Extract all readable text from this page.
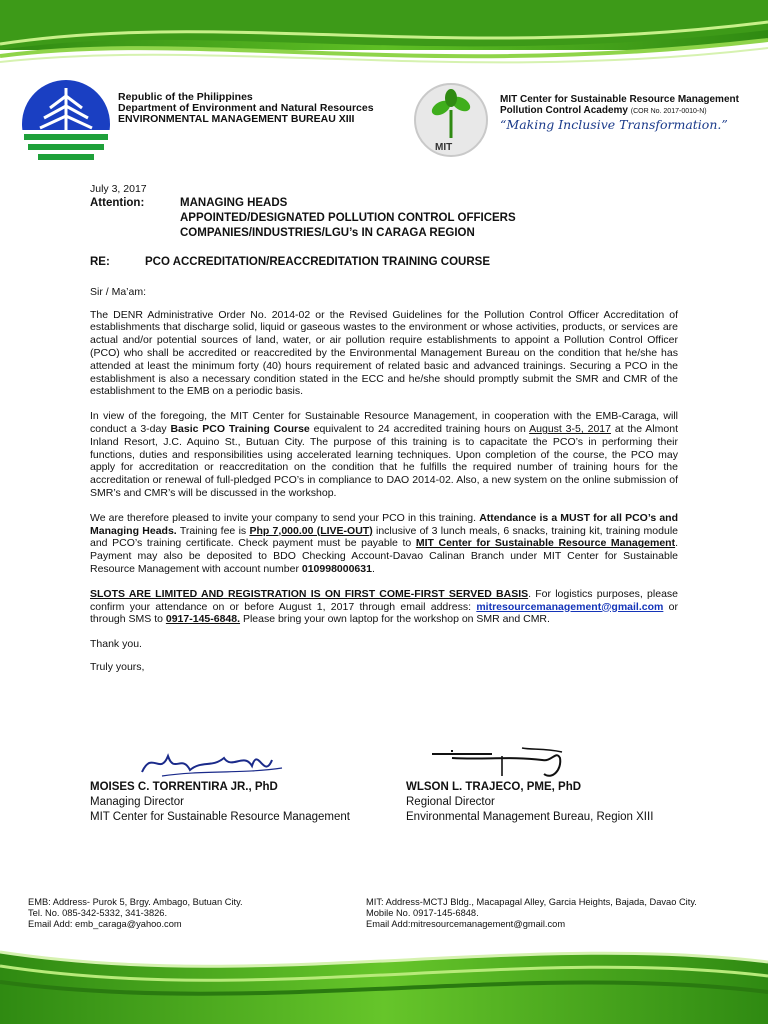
Republic of the Philippines
Department of Environment and Natural Resources
ENVIRONMENTAL MANAGEMENT BUREAU XIII
MIT
MIT Center for Sustainable Resource Management
Pollution Control Academy (COR No. 2017-0010-N)
“Making Inclusive Transformation.”

July 3, 2017

Attention:	MANAGING HEADS
APPOINTED/DESIGNATED POLLUTION CONTROL OFFICERS
COMPANIES/INDUSTRIES/LGU’s IN CARAGA REGION
RE:	PCO ACCREDITATION/REACCREDITATION TRAINING COURSE

Sir / Ma’am:

The DENR Administrative Order No. 2014-02 or the Revised Guidelines for the Pollution Control Officer Accreditation of establishments that discharge solid, liquid or gaseous wastes to the environment or whose activities, products, or services are actual and/or potential sources of land, water, or air pollution require establishments to appoint a Pollution Control Officer (PCO) who shall be accredited or reaccredited by the Environmental Management Bureau on the condition that he/she has attended at least the minimum forty (40) hours requirement of related basic and advanced trainings. Securing a PCO in the establishment is also a necessary condition stated in the ECC and he/she should promptly submit the SMR and CMR of the establishment to the EMB on a periodic basis.

In view of the foregoing, the MIT Center for Sustainable Resource Management, in cooperation with the EMB-Caraga, will conduct a 3-day Basic PCO Training Course equivalent to 24 accredited training hours on August 3-5, 2017 at the Almont Inland Resort, J.C. Aquino St., Butuan City. The purpose of this training is to capacitate the PCO’s in performing their functions, duties and responsibilities using accelerated learning techniques. Upon completion of the course, the PCO may apply for accreditation or reaccreditation on the condition that he fulfills the required number of training hours for the accreditation or renewal of full-pledged PCO’s in compliance to DAO 2014-02. Also, a new system on the online submission of SMR’s and CMR’s will be discussed in the workshop.

We are therefore pleased to invite your company to send your PCO in this training. Attendance is a MUST for all PCO’s and Managing Heads. Training fee is Php 7,000.00 (LIVE-OUT) inclusive of 3 lunch meals, 6 snacks, training kit, training module and PCO’s training certificate. Check payment must be payable to MIT Center for Sustainable Resource Management. Payment may also be deposited to BDO Checking Account-Davao Calinan Branch under MIT Center for Sustainable Resource Management with account number 010998000631.

SLOTS ARE LIMITED AND REGISTRATION IS ON FIRST COME-FIRST SERVED BASIS. For logistics purposes, please confirm your attendance on or before August 1, 2017 through email address: mitresourcemanagement@gmail.com or through SMS to 0917-145-6848. Please bring your own laptop for the workshop on SMR and CMR.

Thank you.

Truly yours,

MOISES C. TORRENTIRA JR., PhD
Managing Director
MIT Center for Sustainable Resource Management
WLSON L. TRAJECO, PME, PhD
Regional Director
Environmental Management Bureau, Region XIII
EMB: Address- Purok 5, Brgy. Ambago, Butuan City.
Tel. No. 085-342-5332, 341-3826.
Email Add: emb_caraga@yahoo.com
MIT: Address-MCTJ Bldg., Macapagal Alley, Garcia Heights, Bajada, Davao City.
Mobile No. 0917-145-6848.
Email Add:mitresourcemanagement@gmail.com
